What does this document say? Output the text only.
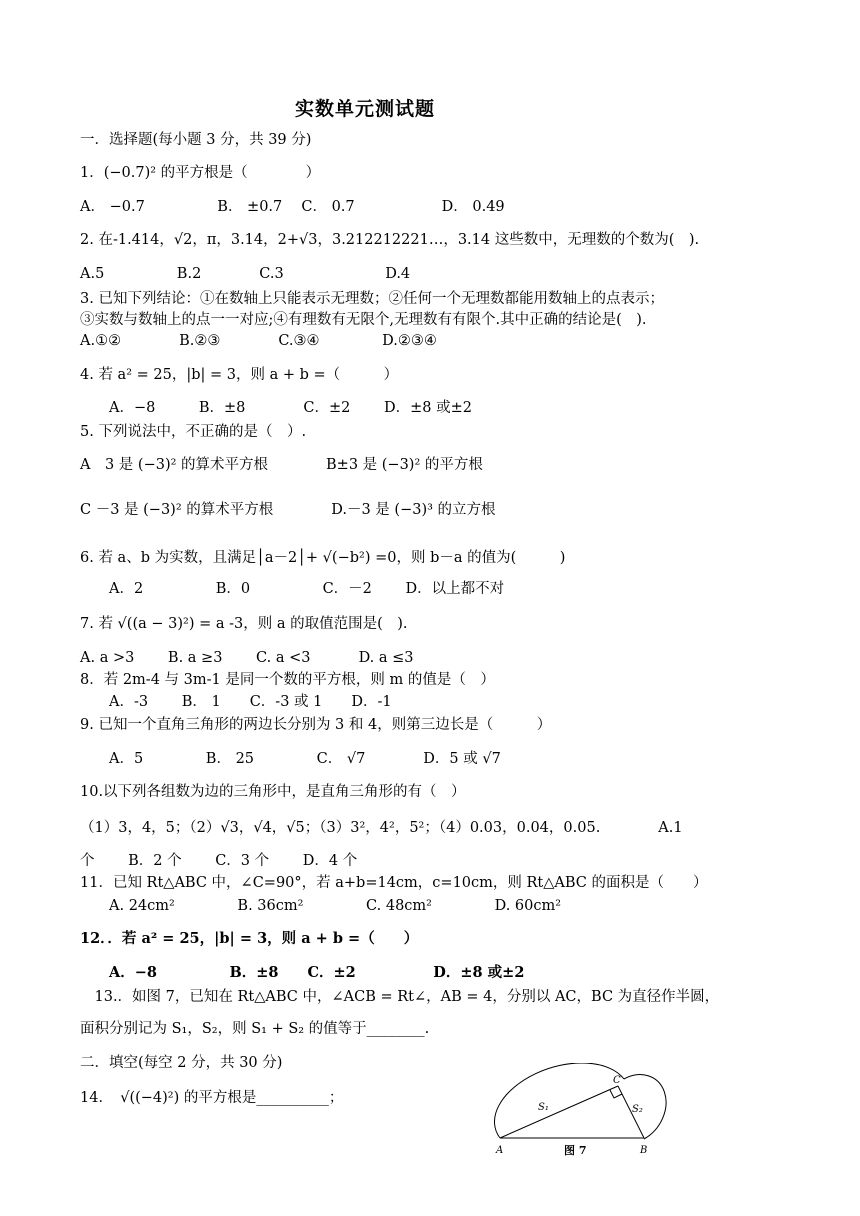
实数单元测试题
一．选择题(每小题 3 分，共 39 分)
1．(−0.7)² 的平方根是（　　　　）
A． −0.7　　　　　B． ±0.7　 C． 0.7　　　　　　D． 0.49
2. 在-1.414，√2，π，3.14，2+√3，3.212212221…，3.14 这些数中，无理数的个数为(　).
A.5　　　　　B.2　　　　C.3　　　　　　　D.4
3. 已知下列结论：①在数轴上只能表示无理数；②任何一个无理数都能用数轴上的点表示；
③实数与数轴上的点一一对应;④有理数有无限个,无理数有有限个.其中正确的结论是(　).
A.①②　　　　B.②③　　　　C.③④　　　　 D.②③④
4. 若 a² = 25，|b| = 3，则 a + b =（　　　）
　　A．−8　　　B．±8　　　　C．±2　　 D．±8 或±2
5. 下列说法中，不正确的是（　）.
A　3 是 (−3)² 的算术平方根　　　　B±3 是 (−3)² 的平方根
C －3 是 (−3)² 的算术平方根　　　　D.－3 是 (−3)³ 的立方根
6. 若 a、b 为实数，且满足│a－2│+ √(−b²) =0，则 b－a 的值为(　　　)
　　A．2　　　　　B．0　　　　　C．－2　　 D．以上都不对
7. 若 √((a − 3)²) = a -3，则 a 的取值范围是(　).
A. a >3　　 B. a ≥3　　 C. a <3　　　 D. a ≤3
8．若 2m-4 与 3m-1 是同一个数的平方根，则 m 的值是（　）
　　A．-3　　 B． 1　　C．-3 或 1　　D．-1
9. 已知一个直角三角形的两边长分别为 3 和 4，则第三边长是（　　　）
　　A．5　　　　 B． 25　　　　 C． √7　　　　D．5 或 √7
10.以下列各组数为边的三角形中，是直角三角形的有（　）
（1）3，4，5；（2）√3，√4，√5；（3）3²，4²，5²；（4）0.03，0.04，0.05.　　　　A.1
个　　 B．2 个　　 C．3 个　　 D．4 个
11．已知 Rt△ABC 中，∠C=90°，若 a+b=14cm，c=10cm，则 Rt△ABC 的面积是（　　）
　　A. 24cm²　　　　 B. 36cm²　　　　 C. 48cm²　　　　 D. 60cm²
12．．若 a² = 25，|b| = 3，则 a + b =（　　）
　　A．−8　　　　　B．±8　　C．±2　　　　　 D．±8 或±2
　13.．如图 7，已知在 Rt△ABC 中，∠ACB = Rt∠，AB = 4，分别以 AC，BC 为直径作半圆，
面积分别记为 S₁，S₂，则 S₁ + S₂ 的值等于________.
二．填空(每空 2 分，共 30 分)
14．　√((−4)²) 的平方根是__________；
A	B
C
S₁	S₂
图 7
